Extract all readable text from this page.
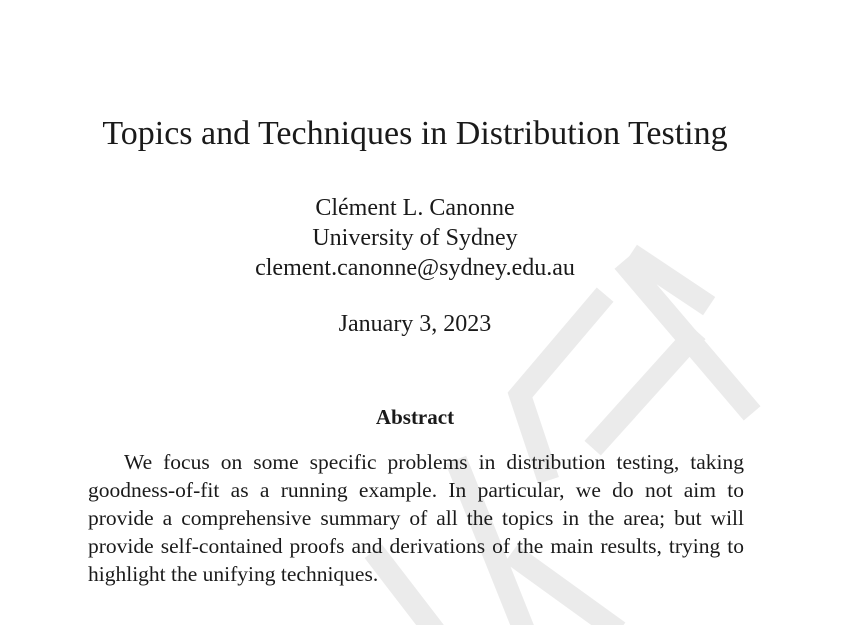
Topics and Techniques in Distribution Testing
Clément L. Canonne
University of Sydney
clement.canonne@sydney.edu.au
January 3, 2023
Abstract
We focus on some specific problems in distribution testing, taking goodness-of-fit as a running example. In particular, we do not aim to provide a comprehensive summary of all the topics in the area; but will provide self-contained proofs and derivations of the main results, trying to highlight the unifying techniques.
